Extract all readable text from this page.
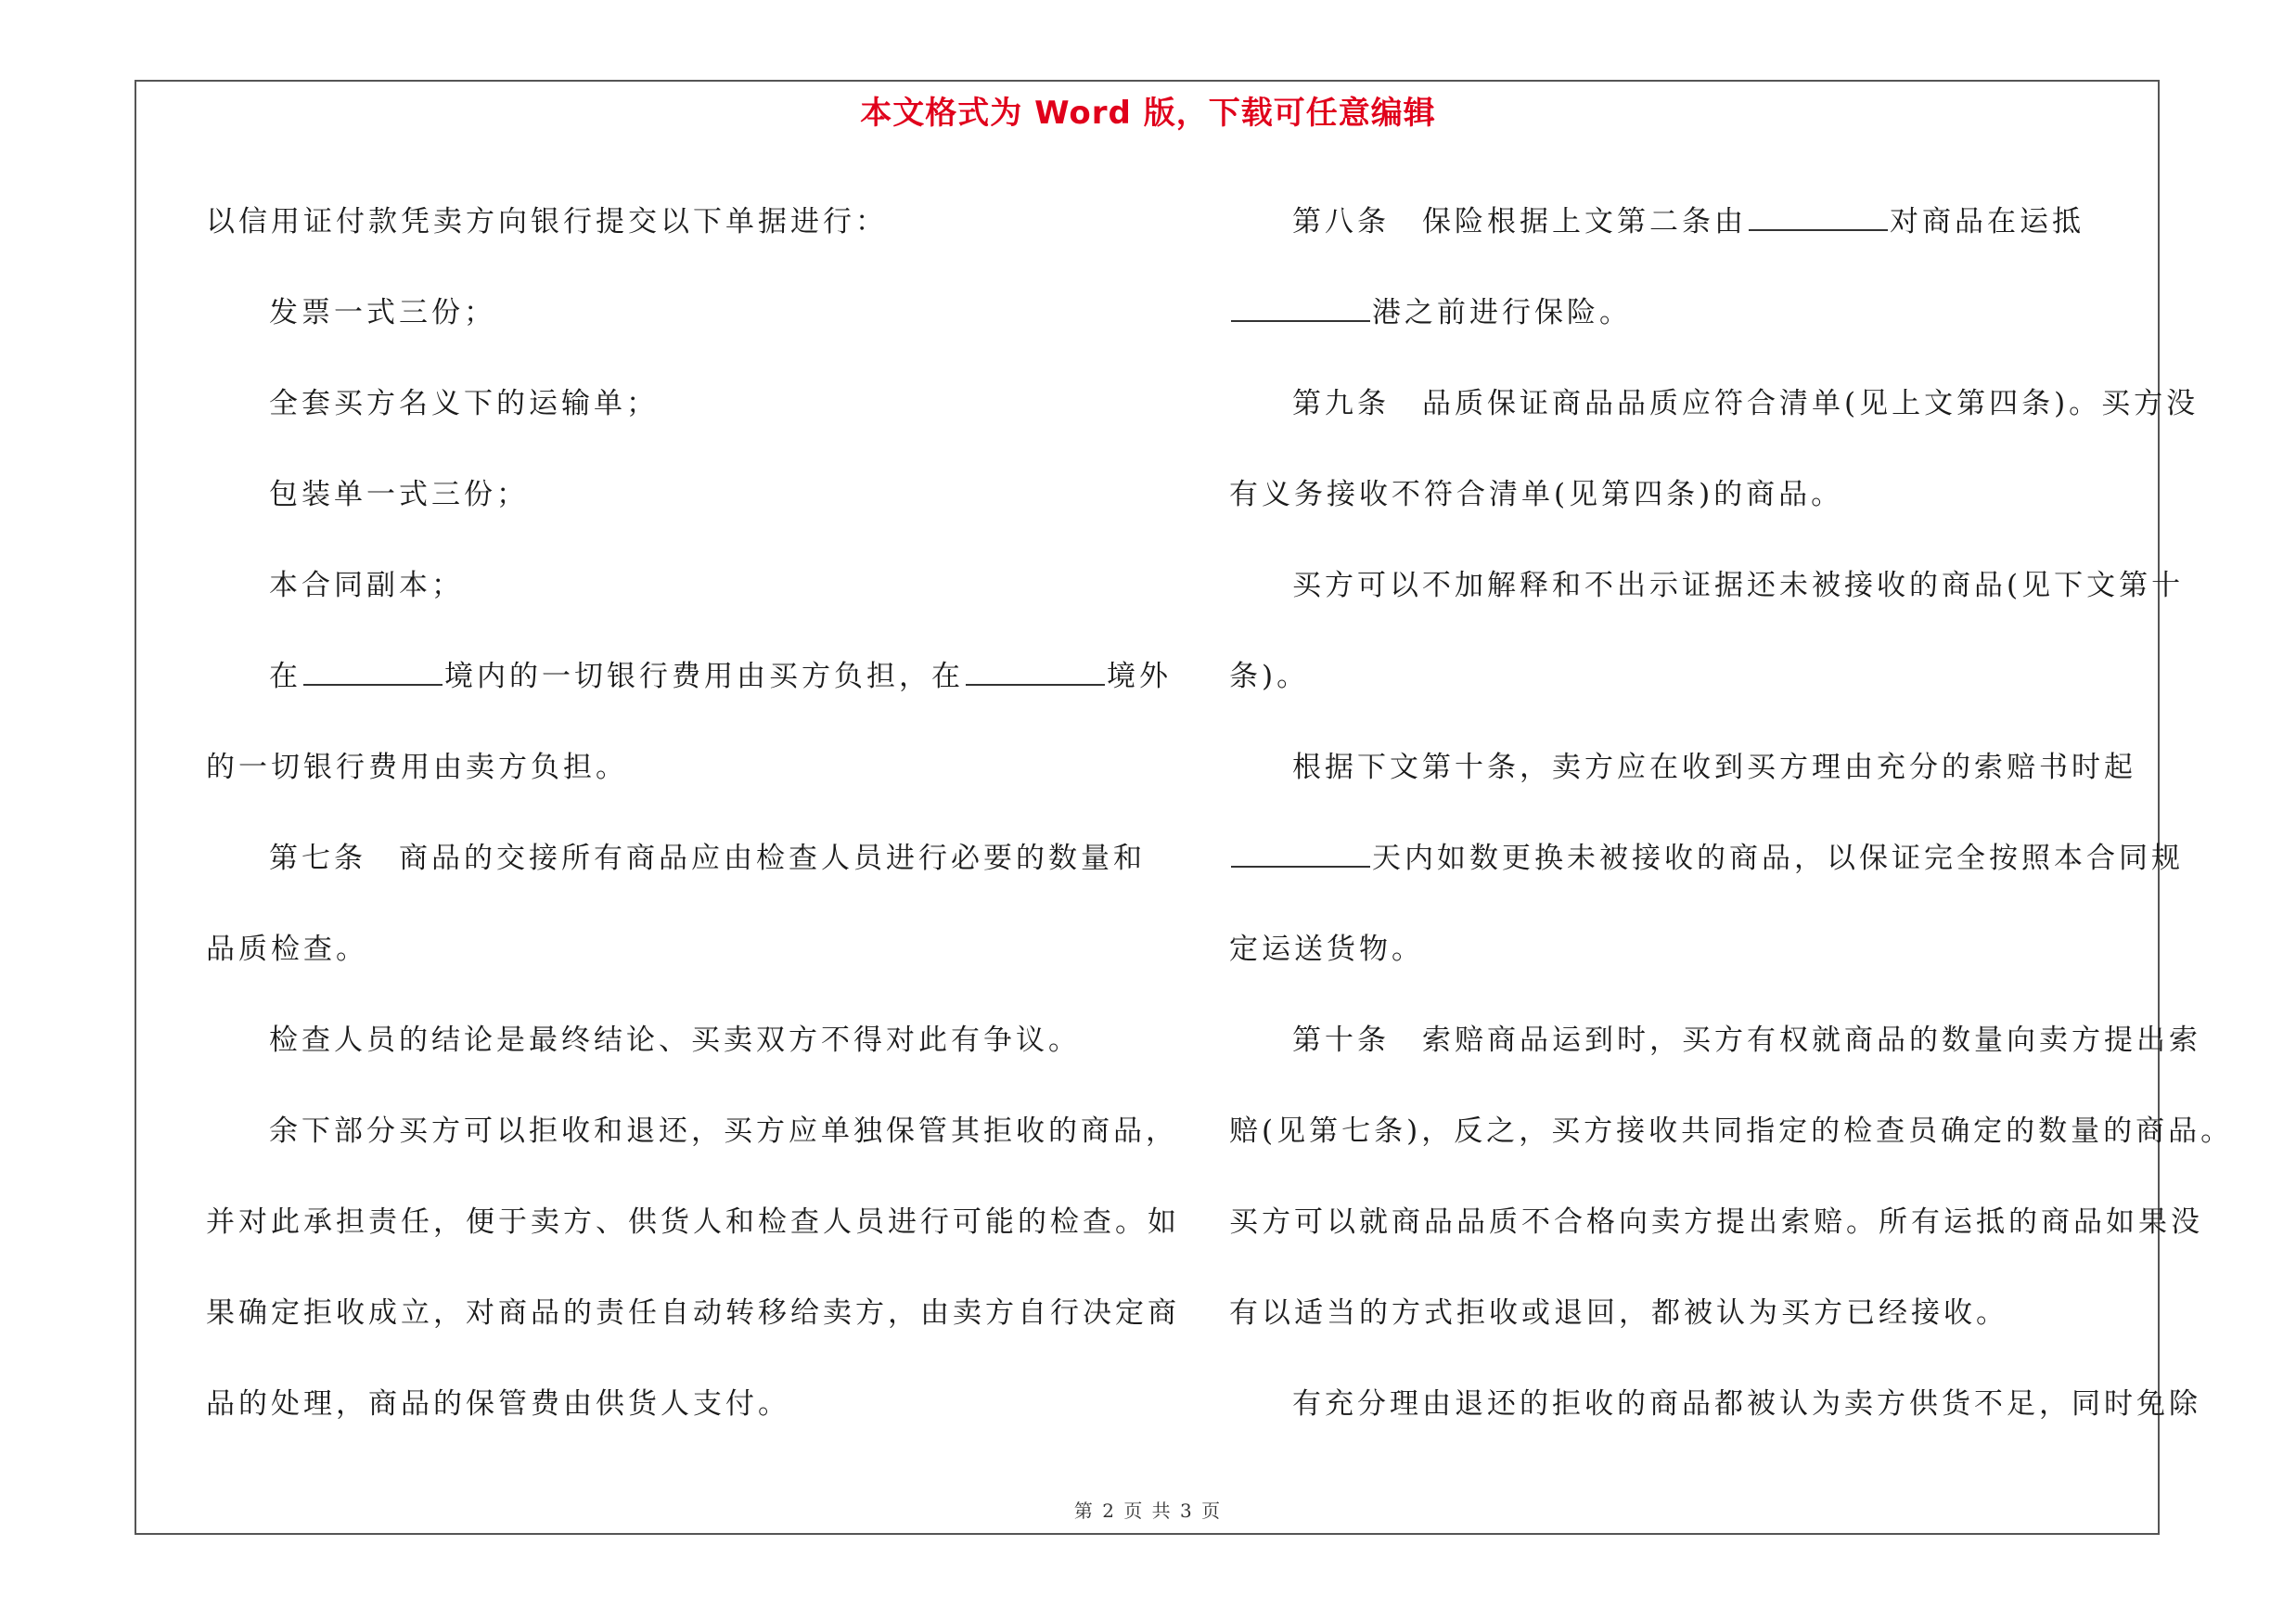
本文格式为 Word 版，下载可任意编辑
以信用证付款凭卖方向银行提交以下单据进行：
发票一式三份；
全套买方名义下的运输单；
包装单一式三份；
本合同副本；
在	境内的一切银行费用由买方负担，在	境外
的一切银行费用由卖方负担。
第七条　商品的交接所有商品应由检查人员进行必要的数量和
品质检查。
检查人员的结论是最终结论、买卖双方不得对此有争议。
余下部分买方可以拒收和退还，买方应单独保管其拒收的商品，
并对此承担责任，便于卖方、供货人和检查人员进行可能的检查。如
果确定拒收成立，对商品的责任自动转移给卖方，由卖方自行决定商
品的处理，商品的保管费由供货人支付。
第八条　保险根据上文第二条由	对商品在运抵
港之前进行保险。
第九条　品质保证商品品质应符合清单(见上文第四条)。买方没
有义务接收不符合清单(见第四条)的商品。
买方可以不加解释和不出示证据还未被接收的商品(见下文第十
条)。
根据下文第十条，卖方应在收到买方理由充分的索赔书时起
天内如数更换未被接收的商品，以保证完全按照本合同规
定运送货物。
第十条　索赔商品运到时，买方有权就商品的数量向卖方提出索
赔(见第七条)，反之，买方接收共同指定的检查员确定的数量的商品。
买方可以就商品品质不合格向卖方提出索赔。所有运抵的商品如果没
有以适当的方式拒收或退回，都被认为买方已经接收。
有充分理由退还的拒收的商品都被认为卖方供货不足，同时免除
第 2 页 共 3 页
